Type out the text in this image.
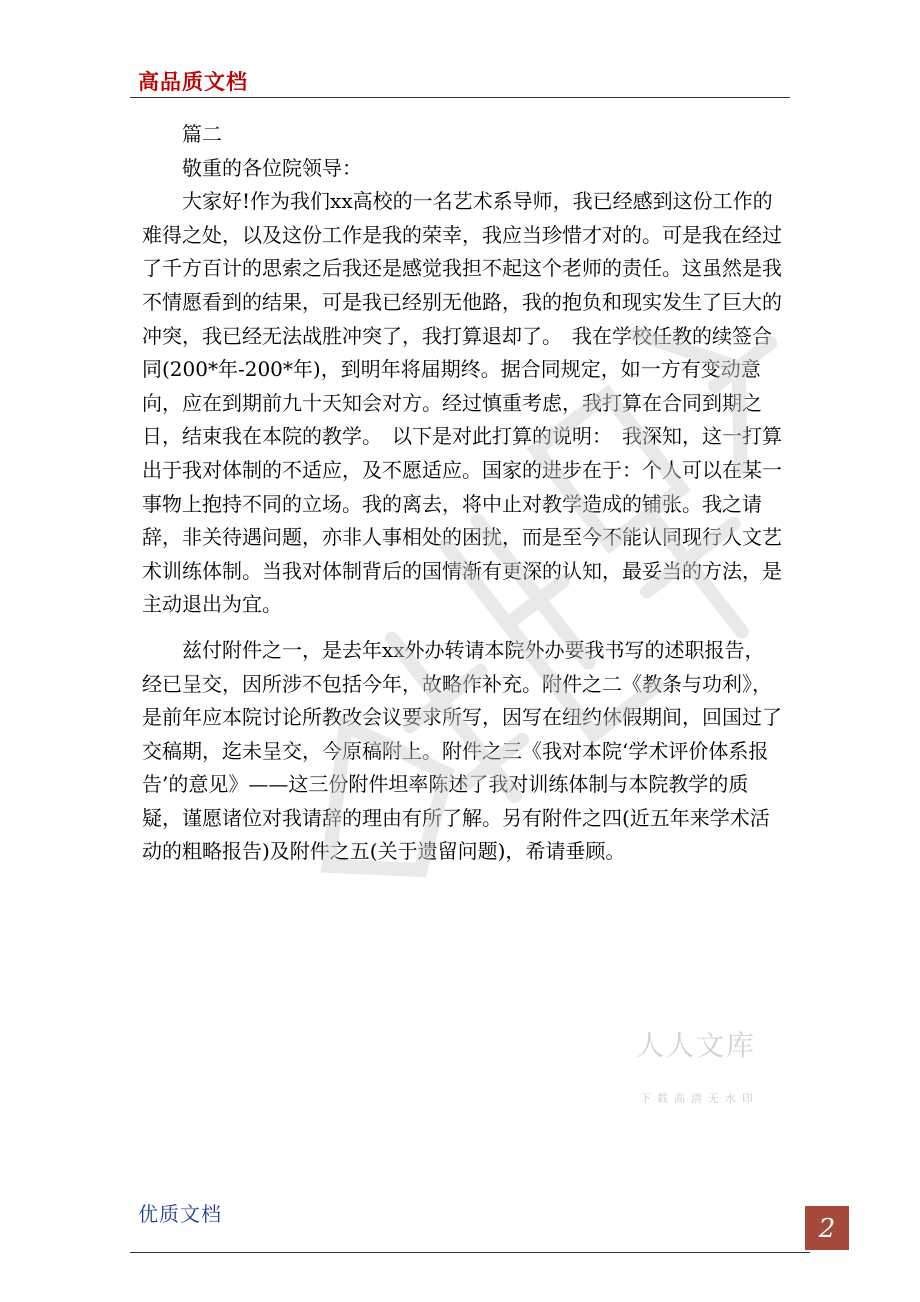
高品质文档

篇二

敬重的各位院领导：

大家好!作为我们xx高校的一名艺术系导师，我已经感到这份工作的难得之处，以及这份工作是我的荣幸，我应当珍惜才对的。可是我在经过了千方百计的思索之后我还是感觉我担不起这个老师的责任。这虽然是我不情愿看到的结果，可是我已经别无他路，我的抱负和现实发生了巨大的冲突，我已经无法战胜冲突了，我打算退却了。　我在学校任教的续签合同(200*年-200*年)，到明年将届期终。据合同规定，如一方有变动意向，应在到期前九十天知会对方。经过慎重考虑，我打算在合同到期之日，结束我在本院的教学。　以下是对此打算的说明：　我深知，这一打算出于我对体制的不适应，及不愿适应。国家的进步在于：个人可以在某一事物上抱持不同的立场。我的离去，将中止对教学造成的铺张。我之请辞，非关待遇问题，亦非人事相处的困扰，而是至今不能认同现行人文艺术训练体制。当我对体制背后的国情渐有更深的认知，最妥当的方法，是主动退出为宜。

兹付附件之一，是去年xx外办转请本院外办要我书写的述职报告，经已呈交，因所涉不包括今年，故略作补充。附件之二《教条与功利》，是前年应本院讨论所教改会议要求所写，因写在纽约休假期间，回国过了交稿期，迄未呈交，今原稿附上。附件之三《我对本院‘学术评价体系报告’的意见》——这三份附件坦率陈述了我对训练体制与本院教学的质疑，谨愿诸位对我请辞的理由有所了解。另有附件之四(近五年来学术活动的粗略报告)及附件之五(关于遗留问题)，希请垂顾。

人人文库
下载高清无水印
优质文档	2
